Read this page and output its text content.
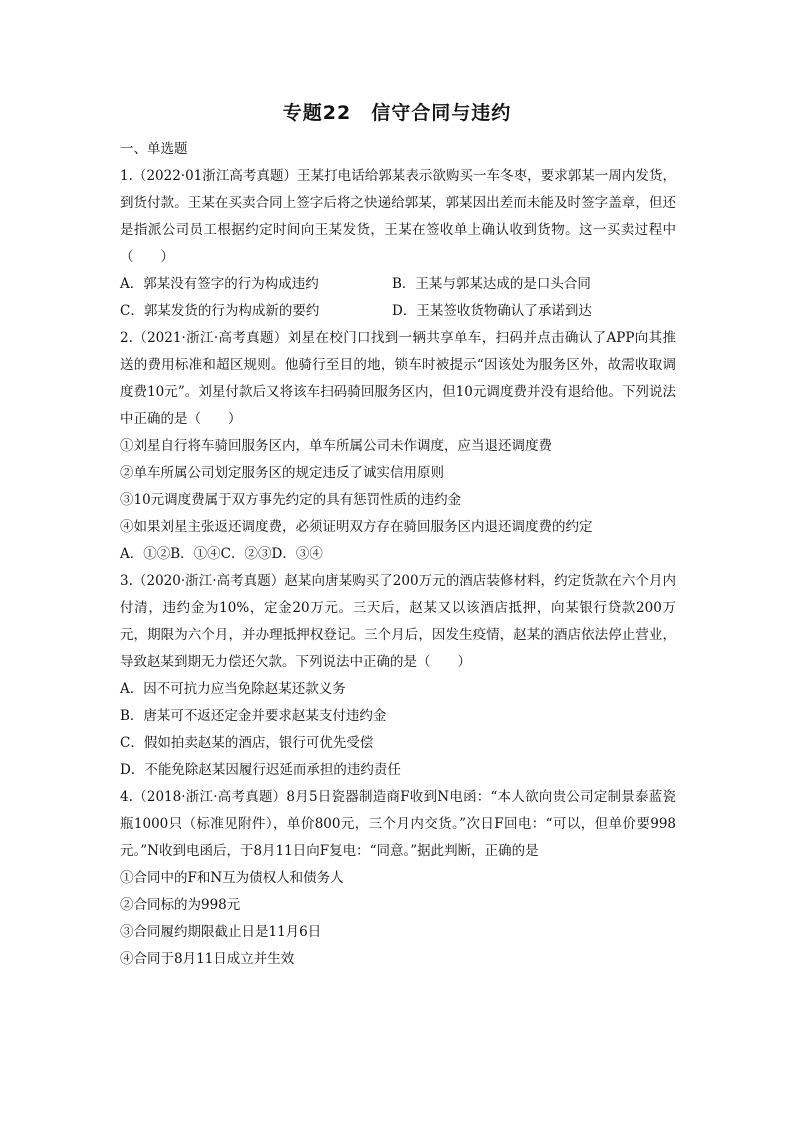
专题22　信守合同与违约

一、单选题

1.（2022·01浙江高考真题）王某打电话给郭某表示欲购买一车冬枣，要求郭某一周内发货，到货付款。王某在买卖合同上签字后将之快递给郭某，郭某因出差而未能及时签字盖章，但还是指派公司员工根据约定时间向王某发货，王某在签收单上确认收到货物。这一买卖过程中（　　）

A．郭某没有签字的行为构成违约	B．王某与郭某达成的是口头合同
C．郭某发货的行为构成新的要约	D．王某签收货物确认了承诺到达

2.（2021·浙江·高考真题）刘星在校门口找到一辆共享单车，扫码并点击确认了APP向其推送的费用标准和超区规则。他骑行至目的地，锁车时被提示“因该处为服务区外，故需收取调度费10元”。刘星付款后又将该车扫码骑回服务区内，但10元调度费并没有退给他。下列说法中正确的是（　　）

①刘星自行将车骑回服务区内，单车所属公司未作调度，应当退还调度费

②单车所属公司划定服务区的规定违反了诚实信用原则

③10元调度费属于双方事先约定的具有惩罚性质的违约金

④如果刘星主张返还调度费，必须证明双方存在骑回服务区内退还调度费的约定

A．①②B．①④C．②③D．③④

3.（2020·浙江·高考真题）赵某向唐某购买了200万元的酒店装修材料，约定货款在六个月内付清，违约金为10%，定金20万元。三天后，赵某又以该酒店抵押，向某银行贷款200万元，期限为六个月，并办理抵押权登记。三个月后，因发生疫情，赵某的酒店依法停止营业，导致赵某到期无力偿还欠款。下列说法中正确的是（　　）

A．因不可抗力应当免除赵某还款义务

B．唐某可不返还定金并要求赵某支付违约金

C．假如拍卖赵某的酒店，银行可优先受偿

D．不能免除赵某因履行迟延而承担的违约责任

4.（2018·浙江·高考真题）8月5日瓷器制造商F收到N电函：“本人欲向贵公司定制景泰蓝瓷瓶1000只（标准见附件），单价800元，三个月内交货。”次日F回电：“可以，但单价要998元。”N收到电函后，于8月11日向F复电：“同意。”据此判断，正确的是

①合同中的F和N互为债权人和债务人

②合同标的为998元

③合同履约期限截止日是11月6日

④合同于8月11日成立并生效
